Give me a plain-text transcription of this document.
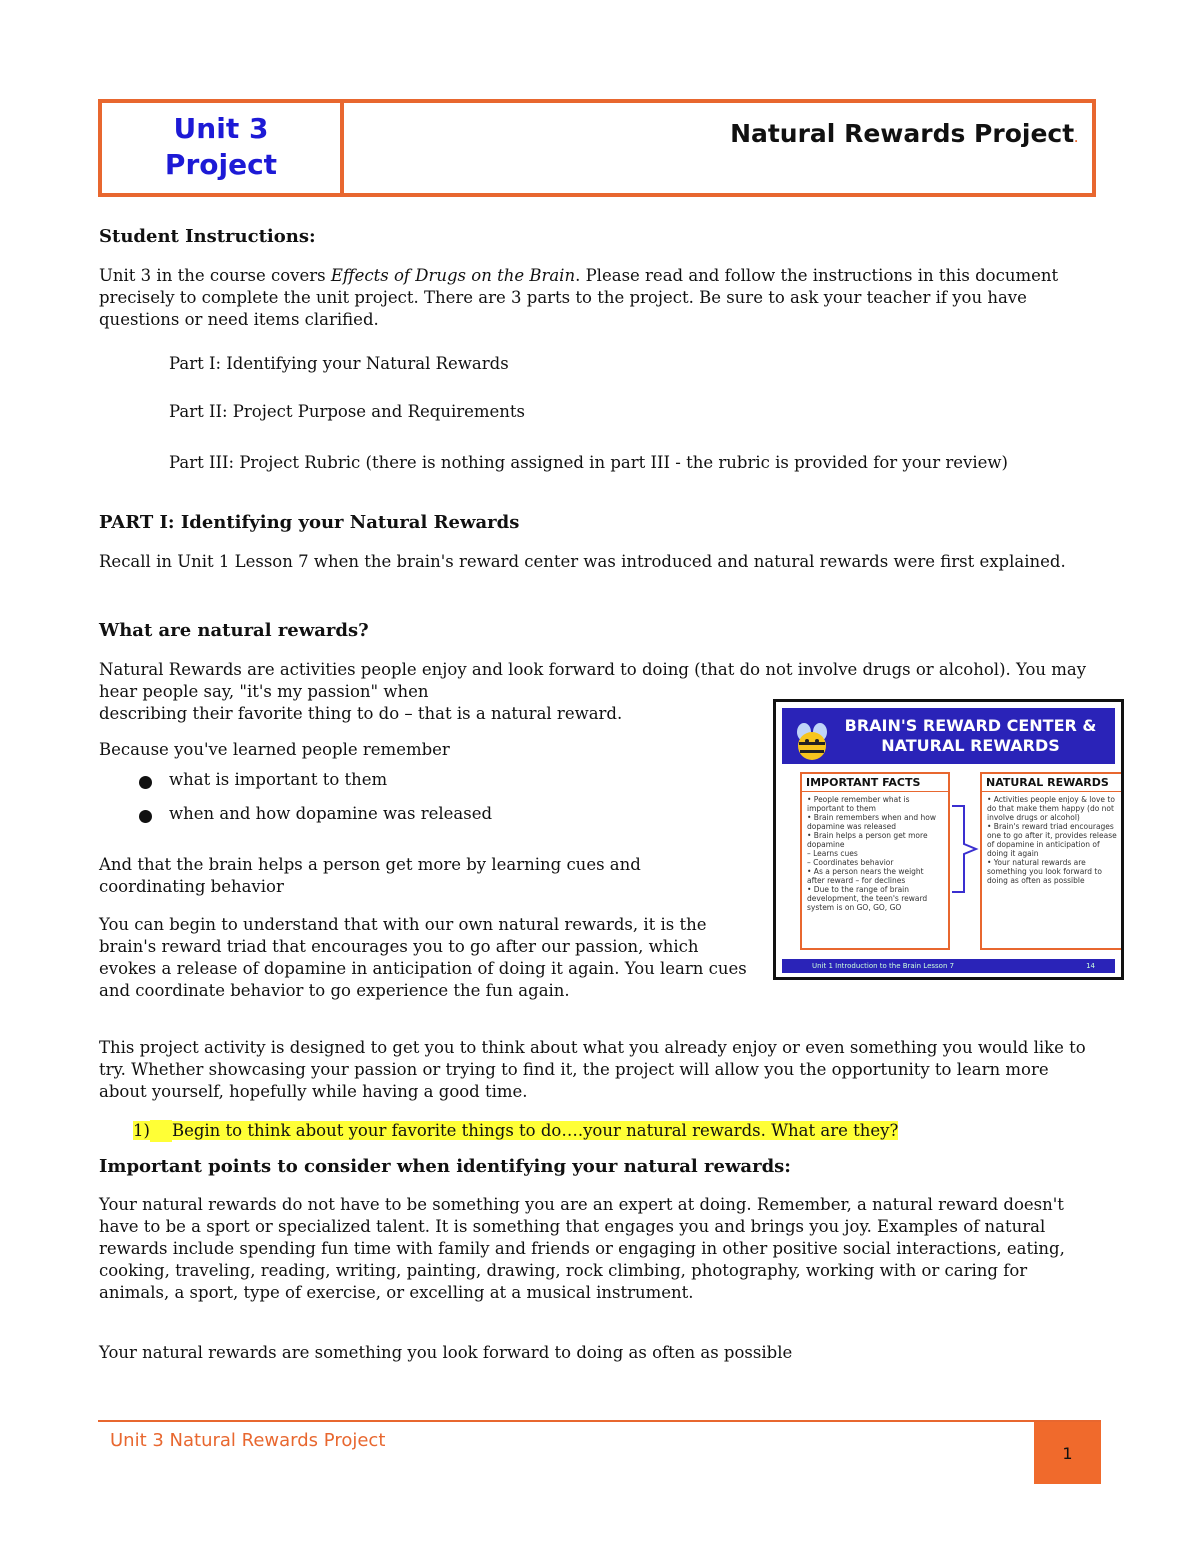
Unit 3
Project
Natural Rewards Project.
Student Instructions:
Unit 3 in the course covers Effects of Drugs on the Brain. Please read and follow the instructions in this document precisely to complete the unit project. There are 3 parts to the project. Be sure to ask your teacher if you have questions or need items clarified.
Part I: Identifying your Natural Rewards
Part II: Project Purpose and Requirements
Part III: Project Rubric (there is nothing assigned in part III - the rubric is provided for your review)
PART I: Identifying your Natural Rewards
Recall in Unit 1 Lesson 7 when the brain's reward center was introduced and natural rewards were first explained.
What are natural rewards?
Natural Rewards are activities people enjoy and look forward to doing (that do not involve drugs or alcohol). You may hear people say, "it's my passion" when
describing their favorite thing to do – that is a natural reward.
Because you've learned people remember
what is important to them
when and how dopamine was released
And that the brain helps a person get more by learning cues and coordinating behavior
You can begin to understand that with our own natural rewards, it is the brain's reward triad that encourages you to go after our passion, which evokes a release of dopamine in anticipation of doing it again. You learn cues and coordinate behavior to go experience the fun again.
This project activity is designed to get you to think about what you already enjoy or even something you would like to try. Whether showcasing your passion or trying to find it, the project will allow you the opportunity to learn more about yourself, hopefully while having a good time.
1) Begin to think about your favorite things to do….your natural rewards. What are they?
Important points to consider when identifying your natural rewards:
Your natural rewards do not have to be something you are an expert at doing. Remember, a natural reward doesn't have to be a sport or specialized talent. It is something that engages you and brings you joy. Examples of natural rewards include spending fun time with family and friends or engaging in other positive social interactions, eating, cooking, traveling, reading, writing, painting, drawing, rock climbing, photography, working with or caring for animals, a sport, type of exercise, or excelling at a musical instrument.
Your natural rewards are something you look forward to doing as often as possible
BRAIN'S REWARD CENTER &
NATURAL REWARDS
IMPORTANT FACTS
• People remember what is important to them
• Brain remembers when and how dopamine was released
• Brain helps a person get more dopamine
– Learns cues
– Coordinates behavior
• As a person nears the weight after reward – for declines
• Due to the range of brain development, the teen's reward system is on GO, GO, GO
NATURAL REWARDS
• Activities people enjoy & love to do that make them happy (do not involve drugs or alcohol)
• Brain's reward triad encourages one to go after it, provides release of dopamine in anticipation of doing it again
• Your natural rewards are something you look forward to doing as often as possible
Unit 1 Introduction to the Brain Lesson 7	14
Unit 3 Natural Rewards Project
1
